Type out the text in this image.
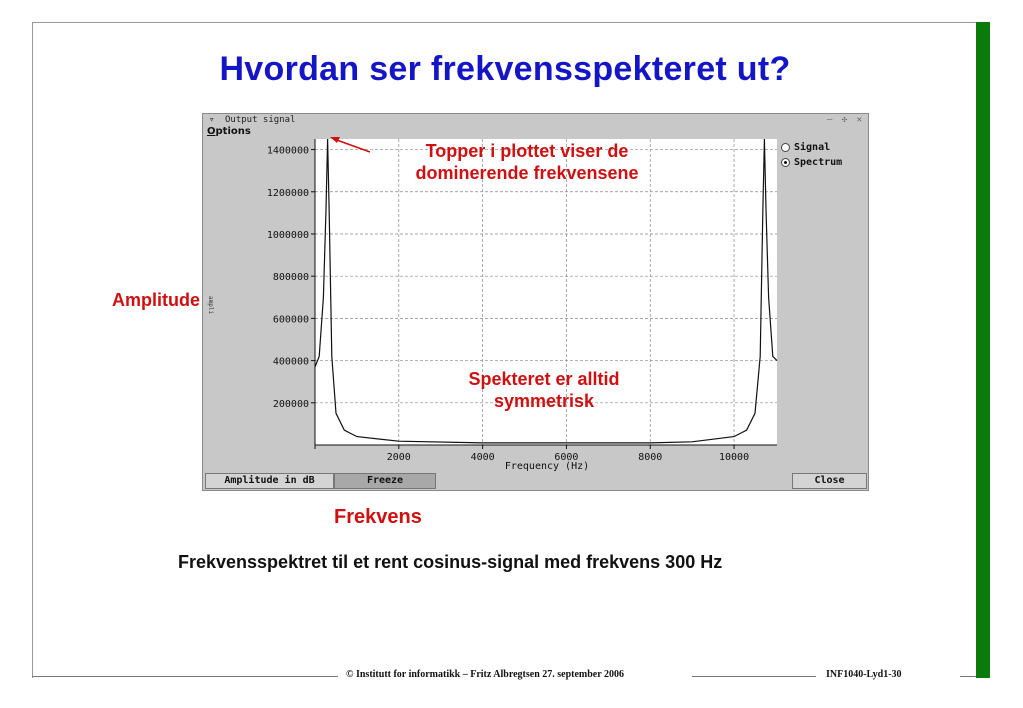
Hvordan ser frekvensspekteret ut?
▿ Output signal	— ✣ ✕
Options
200000
400000
600000
800000
1000000
1200000
1400000
2000	4000	6000	8000	10000
Frequency (Hz)
ampli
Signal
Spectrum
Amplitude in dB	Freeze	Close
Topper i plottet viser de dominerende frekvensene
Amplitude
Spekteret er alltid symmetrisk
Frekvens
Frekvensspektret til et rent cosinus-signal med frekvens 300 Hz
© Institutt for informatikk – Fritz Albregtsen 27. september 2006	INF1040-Lyd1-30
